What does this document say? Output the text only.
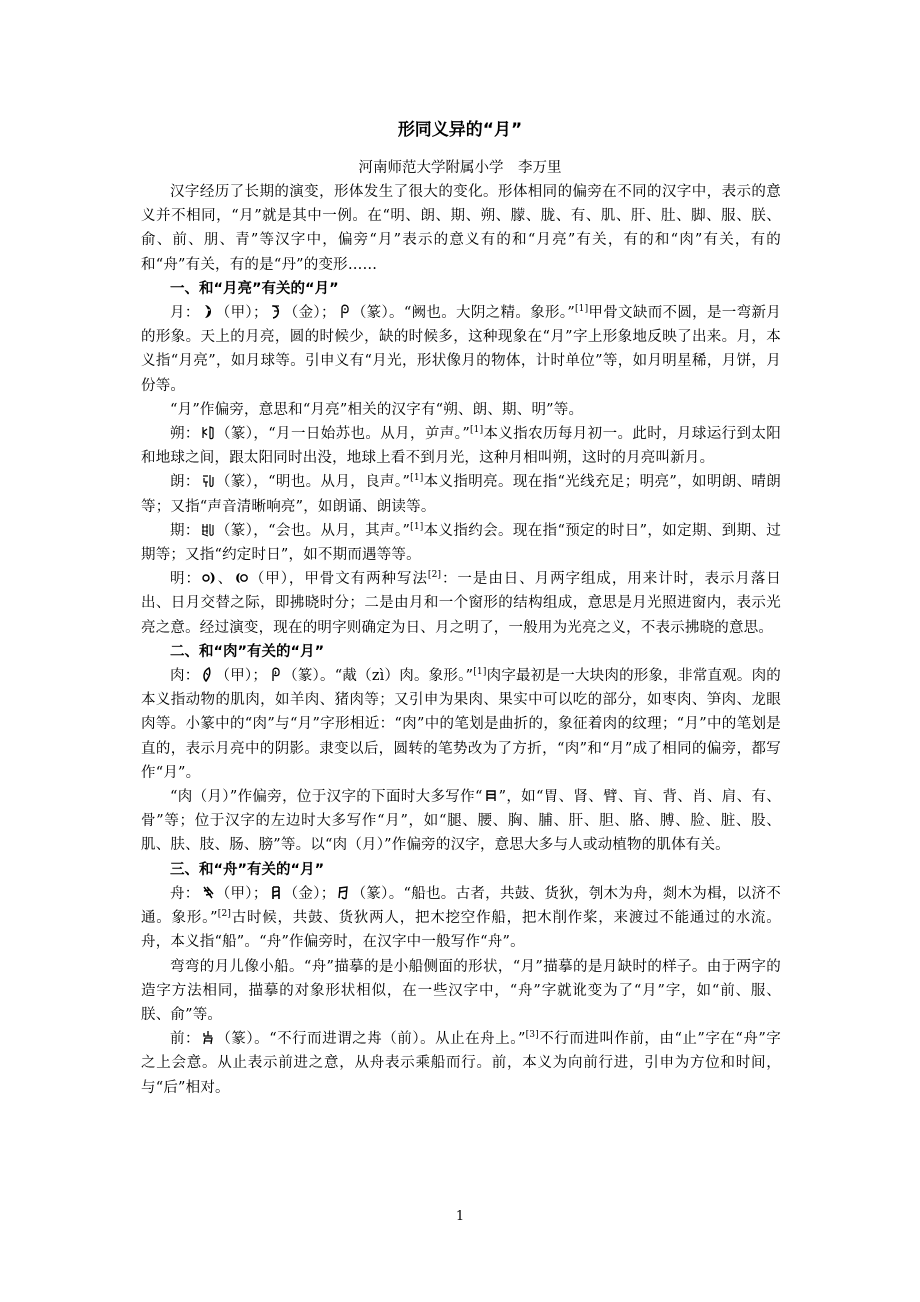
形同义异的“月”
河南师范大学附属小学　李万里

汉字经历了长期的演变，形体发生了很大的变化。形体相同的偏旁在不同的汉字中，表示的意义并不相同，“月”就是其中一例。在“明、朗、期、朔、朦、胧、有、肌、肝、肚、脚、服、朕、俞、前、朋、青”等汉字中，偏旁“月”表示的意义有的和“月亮”有关，有的和“肉”有关，有的和“舟”有关，有的是“丹”的变形……

一、和“月亮”有关的“月”

月： （甲）； （金）； （篆）。“阙也。大阴之精。象形。”[1]甲骨文缺而不圆，是一弯新月的形象。天上的月亮，圆的时候少，缺的时候多，这种现象在“月”字上形象地反映了出来。月，本义指“月亮”，如月球等。引申义有“月光，形状像月的物体，计时单位”等，如月明星稀，月饼，月份等。

“月”作偏旁，意思和“月亮”相关的汉字有“朔、朗、期、明”等。

朔： （篆），“月一日始苏也。从月，屰声。”[1]本义指农历每月初一。此时，月球运行到太阳和地球之间，跟太阳同时出没，地球上看不到月光，这种月相叫朔，这时的月亮叫新月。

朗： （篆），“明也。从月，良声。”[1]本义指明亮。现在指“光线充足；明亮”，如明朗、晴朗等；又指“声音清晰响亮”，如朗诵、朗读等。

期： （篆），“会也。从月，其声。”[1]本义指约会。现在指“预定的时日”，如定期、到期、过期等；又指“约定时日”，如不期而遇等等。

明： 、 （甲），甲骨文有两种写法[2]：一是由日、月两字组成，用来计时，表示月落日出、日月交替之际，即拂晓时分；二是由月和一个窗形的结构组成，意思是月光照进窗内，表示光亮之意。经过演变，现在的明字则确定为日、月之明了，一般用为光亮之义，不表示拂晓的意思。

二、和“肉”有关的“月”

肉： （甲）； （篆）。“胾（zì）肉。象形。”[1]肉字最初是一大块肉的形象，非常直观。肉的本义指动物的肌肉，如羊肉、猪肉等；又引申为果肉、果实中可以吃的部分，如枣肉、笋肉、龙眼肉等。小篆中的“肉”与“月”字形相近：“肉”中的笔划是曲折的，象征着肉的纹理；“月”中的笔划是直的，表示月亮中的阴影。隶变以后，圆转的笔势改为了方折，“肉”和“月”成了相同的偏旁，都写作“月”。

“肉（月）”作偏旁，位于汉字的下面时大多写作“ ”，如“胃、肾、臂、肓、背、肖、肩、有、骨”等；位于汉字的左边时大多写作“月”，如“腿、腰、胸、脯、肝、胆、胳、膊、脸、脏、股、肌、肤、肢、肠、膀”等。以“肉（月）”作偏旁的汉字，意思大多与人或动植物的肌体有关。

三、和“舟”有关的“月”

舟： （甲）； （金）； （篆）。“船也。古者，共鼓、货狄，刳木为舟，剡木为楫，以济不通。象形。”[2]古时候，共鼓、货狄两人，把木挖空作船，把木削作桨，来渡过不能通过的水流。舟，本义指“船”。“舟”作偏旁时，在汉字中一般写作“舟”。

弯弯的月儿像小船。“舟”描摹的是小船侧面的形状，“月”描摹的是月缺时的样子。由于两字的造字方法相同，描摹的对象形状相似，在一些汉字中，“舟”字就讹变为了“月”字，如“前、服、朕、俞”等。

前： （篆）。“不行而进谓之歬（前）。从止在舟上。”[3]不行而进叫作前，由“止”字在“舟”字之上会意。从止表示前进之意，从舟表示乘船而行。前，本义为向前行进，引申为方位和时间，与“后”相对。

1
